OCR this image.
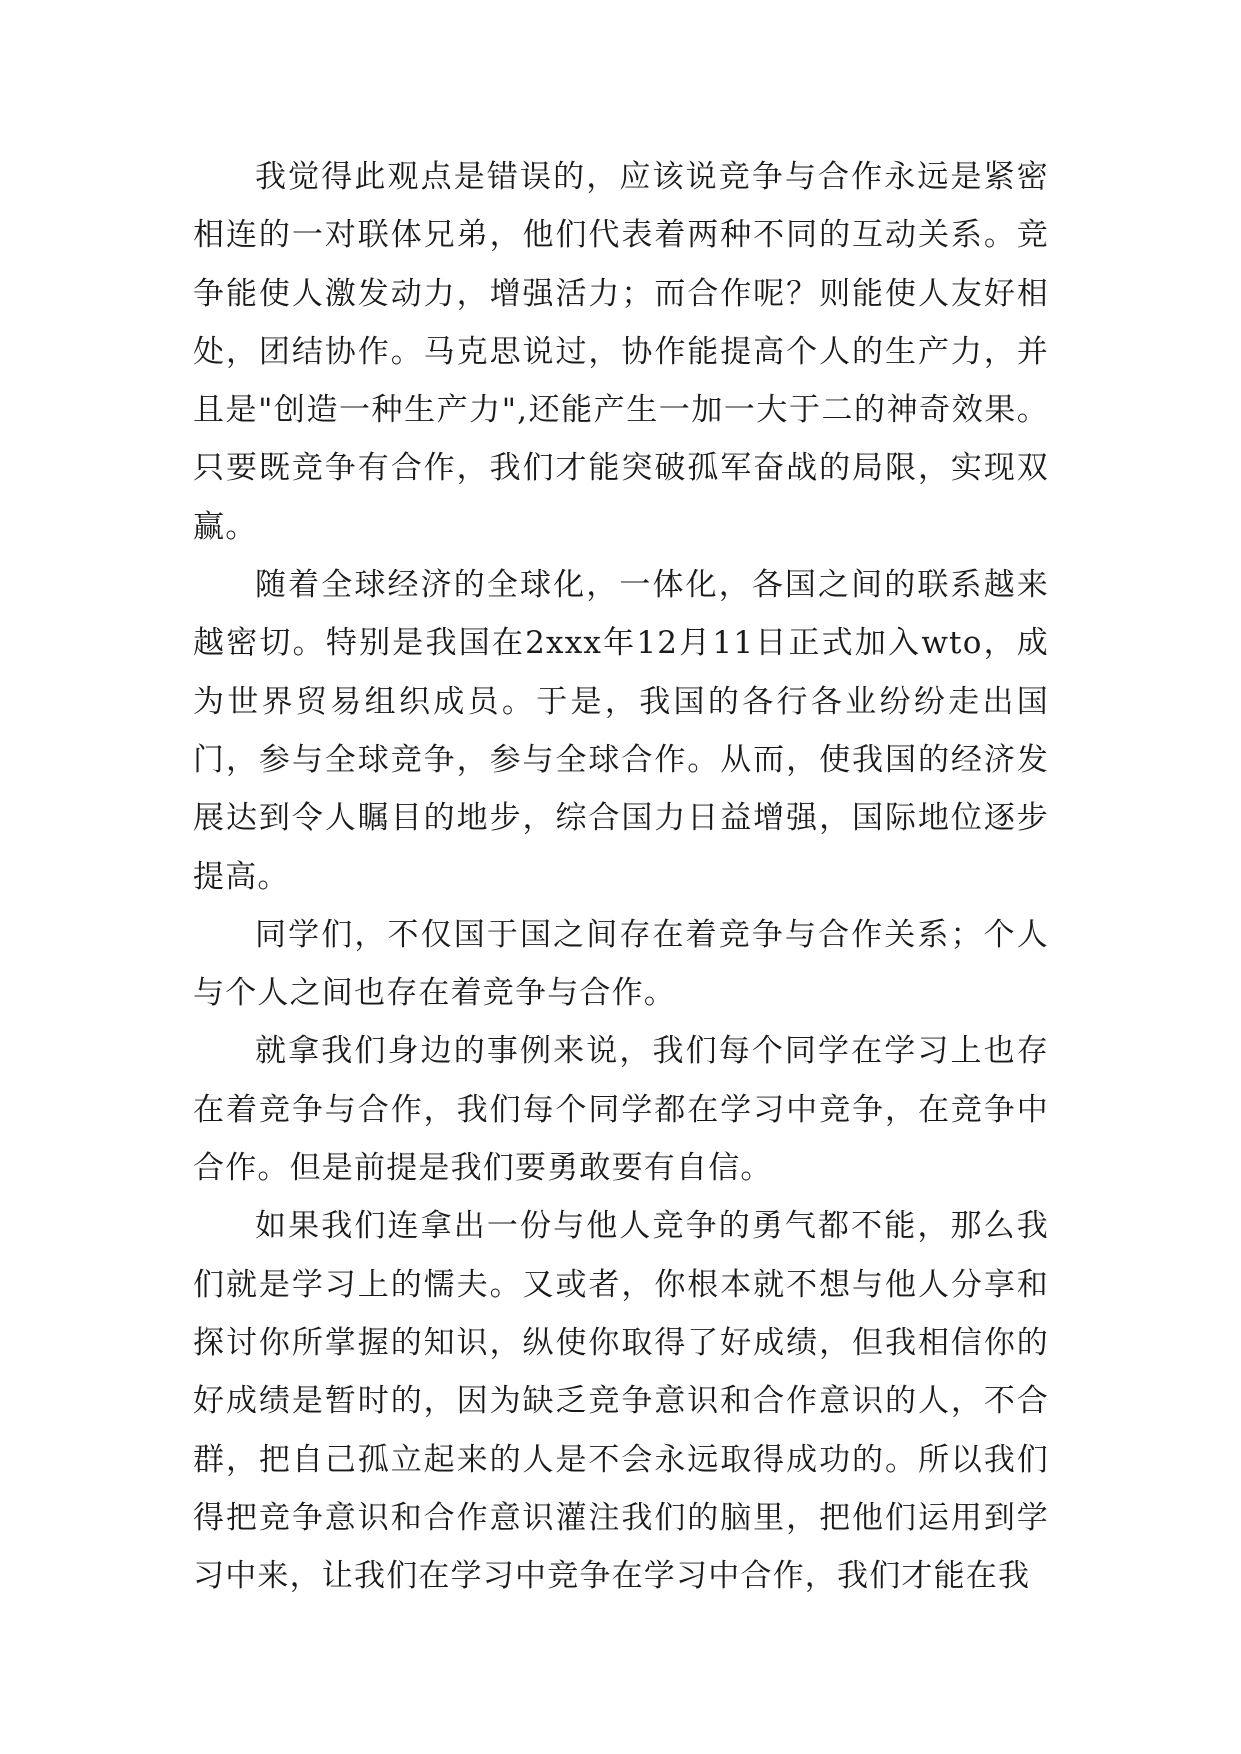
我觉得此观点是错误的，应该说竞争与合作永远是紧密相连的一对联体兄弟，他们代表着两种不同的互动关系。竞争能使人激发动力，增强活力；而合作呢？则能使人友好相处，团结协作。马克思说过，协作能提高个人的生产力，并且是"创造一种生产力",还能产生一加一大于二的神奇效果。只要既竞争有合作，我们才能突破孤军奋战的局限，实现双赢。

随着全球经济的全球化，一体化，各国之间的联系越来越密切。特别是我国在2xxx年12月11日正式加入wto，成为世界贸易组织成员。于是，我国的各行各业纷纷走出国门，参与全球竞争，参与全球合作。从而，使我国的经济发展达到令人瞩目的地步，综合国力日益增强，国际地位逐步提高。

同学们，不仅国于国之间存在着竞争与合作关系；个人与个人之间也存在着竞争与合作。

就拿我们身边的事例来说，我们每个同学在学习上也存在着竞争与合作，我们每个同学都在学习中竞争，在竞争中合作。但是前提是我们要勇敢要有自信。

如果我们连拿出一份与他人竞争的勇气都不能，那么我们就是学习上的懦夫。又或者，你根本就不想与他人分享和探讨你所掌握的知识，纵使你取得了好成绩，但我相信你的好成绩是暂时的，因为缺乏竞争意识和合作意识的人，不合群，把自己孤立起来的人是不会永远取得成功的。所以我们得把竞争意识和合作意识灌注我们的脑里，把他们运用到学习中来，让我们在学习中竞争在学习中合作，我们才能在我
